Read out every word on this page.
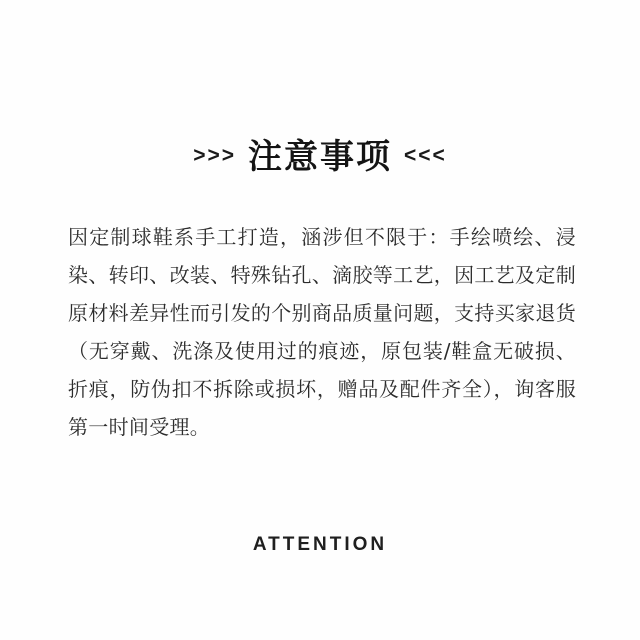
>>> 注意事项 <<<
因定制球鞋系手工打造，涵涉但不限于：手绘喷绘、浸染、转印、改装、特殊钻孔、滴胶等工艺，因工艺及定制原材料差异性而引发的个别商品质量问题，支持买家退货（无穿戴、洗涤及使用过的痕迹，原包装/鞋盒无破损、折痕，防伪扣不拆除或损坏，赠品及配件齐全），询客服第一时间受理。
ATTENTION
